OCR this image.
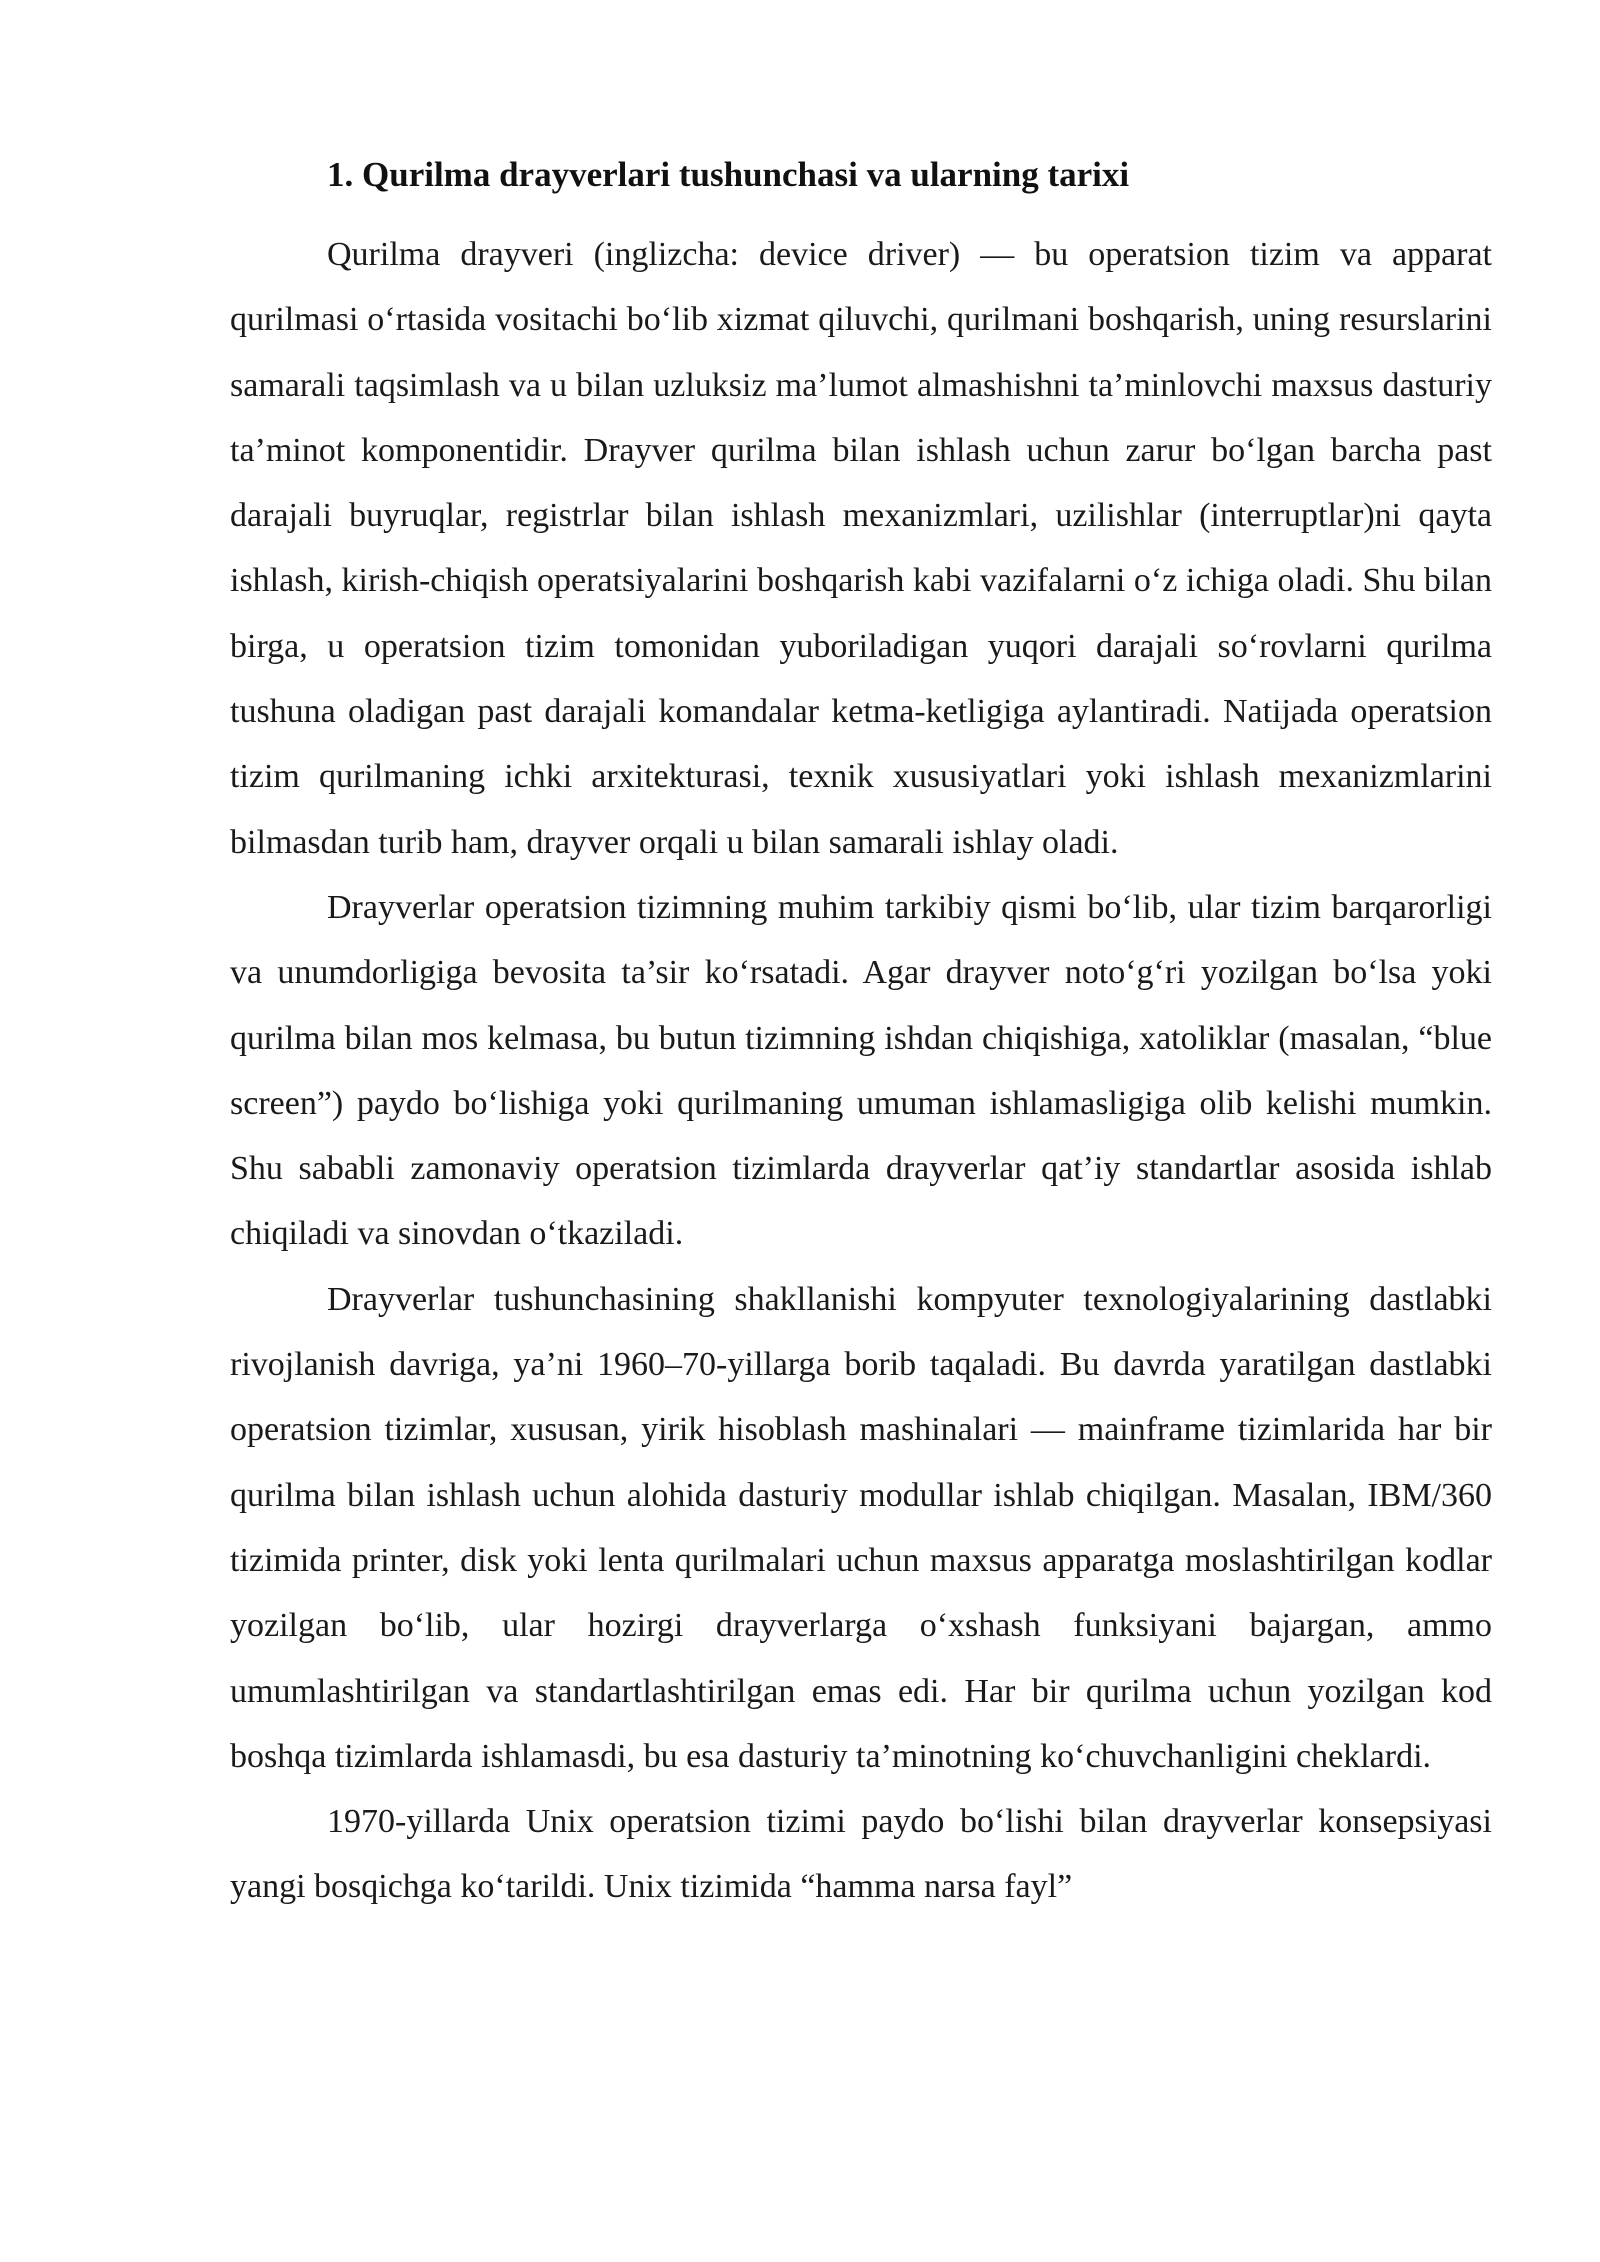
1. Qurilma drayverlari tushunchasi va ularning tarixi

Qurilma drayveri (inglizcha: device driver) — bu operatsion tizim va apparat qurilmasi o‘rtasida vositachi bo‘lib xizmat qiluvchi, qurilmani boshqarish, uning resurslarini samarali taqsimlash va u bilan uzluksiz ma’lumot almashishni ta’minlovchi maxsus dasturiy ta’minot komponentidir. Drayver qurilma bilan ishlash uchun zarur bo‘lgan barcha past darajali buyruqlar, registrlar bilan ishlash mexanizmlari, uzilishlar (interruptlar)ni qayta ishlash, kirish-chiqish operatsiyalarini boshqarish kabi vazifalarni o‘z ichiga oladi. Shu bilan birga, u operatsion tizim tomonidan yuboriladigan yuqori darajali so‘rovlarni qurilma tushuna oladigan past darajali komandalar ketma-ketligiga aylantiradi. Natijada operatsion tizim qurilmaning ichki arxitekturasi, texnik xususiyatlari yoki ishlash mexanizmlarini bilmasdan turib ham, drayver orqali u bilan samarali ishlay oladi.

Drayverlar operatsion tizimning muhim tarkibiy qismi bo‘lib, ular tizim barqarorligi va unumdorligiga bevosita ta’sir ko‘rsatadi. Agar drayver noto‘g‘ri yozilgan bo‘lsa yoki qurilma bilan mos kelmasa, bu butun tizimning ishdan chiqishiga, xatoliklar (masalan, “blue screen”) paydo bo‘lishiga yoki qurilmaning umuman ishlamasligiga olib kelishi mumkin. Shu sababli zamonaviy operatsion tizimlarda drayverlar qat’iy standartlar asosida ishlab chiqiladi va sinovdan o‘tkaziladi.

Drayverlar tushunchasining shakllanishi kompyuter texnologiyalarining dastlabki rivojlanish davriga, ya’ni 1960–70-yillarga borib taqaladi. Bu davrda yaratilgan dastlabki operatsion tizimlar, xususan, yirik hisoblash mashinalari — mainframe tizimlarida har bir qurilma bilan ishlash uchun alohida dasturiy modullar ishlab chiqilgan. Masalan, IBM/360 tizimida printer, disk yoki lenta qurilmalari uchun maxsus apparatga moslashtirilgan kodlar yozilgan bo‘lib, ular hozirgi drayverlarga o‘xshash funksiyani bajargan, ammo umumlashtirilgan va standartlashtirilgan emas edi. Har bir qurilma uchun yozilgan kod boshqa tizimlarda ishlamasdi, bu esa dasturiy ta’minotning ko‘chuvchanligini cheklardi.

1970-yillarda Unix operatsion tizimi paydo bo‘lishi bilan drayverlar konsepsiyasi yangi bosqichga ko‘tarildi. Unix tizimida “hamma narsa fayl”
